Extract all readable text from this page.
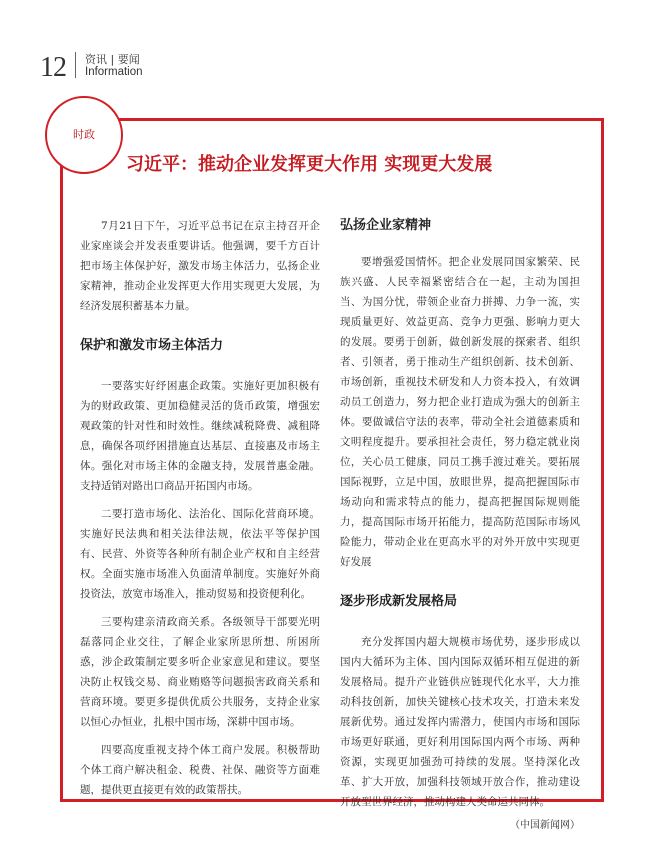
12 资讯 | 要闻
Information
时政
习近平：推动企业发挥更大作用 实现更大发展

7月21日下午，习近平总书记在京主持召开企业家座谈会并发表重要讲话。他强调，要千方百计把市场主体保护好，激发市场主体活力，弘扬企业家精神，推动企业发挥更大作用实现更大发展，为经济发展积蓄基本力量。

保护和激发市场主体活力

一要落实好纾困惠企政策。实施好更加积极有为的财政政策、更加稳健灵活的货币政策，增强宏观政策的针对性和时效性。继续减税降费、减租降息，确保各项纾困措施直达基层、直接惠及市场主体。强化对市场主体的金融支持，发展普惠金融。支持适销对路出口商品开拓国内市场。

二要打造市场化、法治化、国际化营商环境。实施好民法典和相关法律法规，依法平等保护国有、民营、外资等各种所有制企业产权和自主经营权。全面实施市场准入负面清单制度。实施好外商投资法，放宽市场准入，推动贸易和投资便利化。

三要构建亲清政商关系。各级领导干部要光明磊落同企业交往，了解企业家所思所想、所困所惑，涉企政策制定要多听企业家意见和建议。要坚决防止权钱交易、商业贿赂等问题损害政商关系和营商环境。要更多提供优质公共服务，支持企业家以恒心办恒业，扎根中国市场，深耕中国市场。

四要高度重视支持个体工商户发展。积极帮助个体工商户解决租金、税费、社保、融资等方面难题，提供更直接更有效的政策帮扶。

弘扬企业家精神

要增强爱国情怀。把企业发展同国家繁荣、民族兴盛、人民幸福紧密结合在一起，主动为国担当、为国分忧，带领企业奋力拼搏、力争一流，实现质量更好、效益更高、竞争力更强、影响力更大的发展。要勇于创新，做创新发展的探索者、组织者、引领者，勇于推动生产组织创新、技术创新、市场创新，重视技术研发和人力资本投入，有效调动员工创造力，努力把企业打造成为强大的创新主体。要做诚信守法的表率，带动全社会道德素质和文明程度提升。要承担社会责任，努力稳定就业岗位，关心员工健康，同员工携手渡过难关。要拓展国际视野，立足中国，放眼世界，提高把握国际市场动向和需求特点的能力，提高把握国际规则能力，提高国际市场开拓能力，提高防范国际市场风险能力，带动企业在更高水平的对外开放中实现更好发展

逐步形成新发展格局

充分发挥国内超大规模市场优势，逐步形成以国内大循环为主体、国内国际双循环相互促进的新发展格局。提升产业链供应链现代化水平，大力推动科技创新，加快关键核心技术攻关，打造未来发展新优势。通过发挥内需潜力，使国内市场和国际市场更好联通，更好利用国际国内两个市场、两种资源，实现更加强劲可持续的发展。坚持深化改革、扩大开放，加强科技领域开放合作，推动建设开放型世界经济，推动构建人类命运共同体。

（中国新闻网）
